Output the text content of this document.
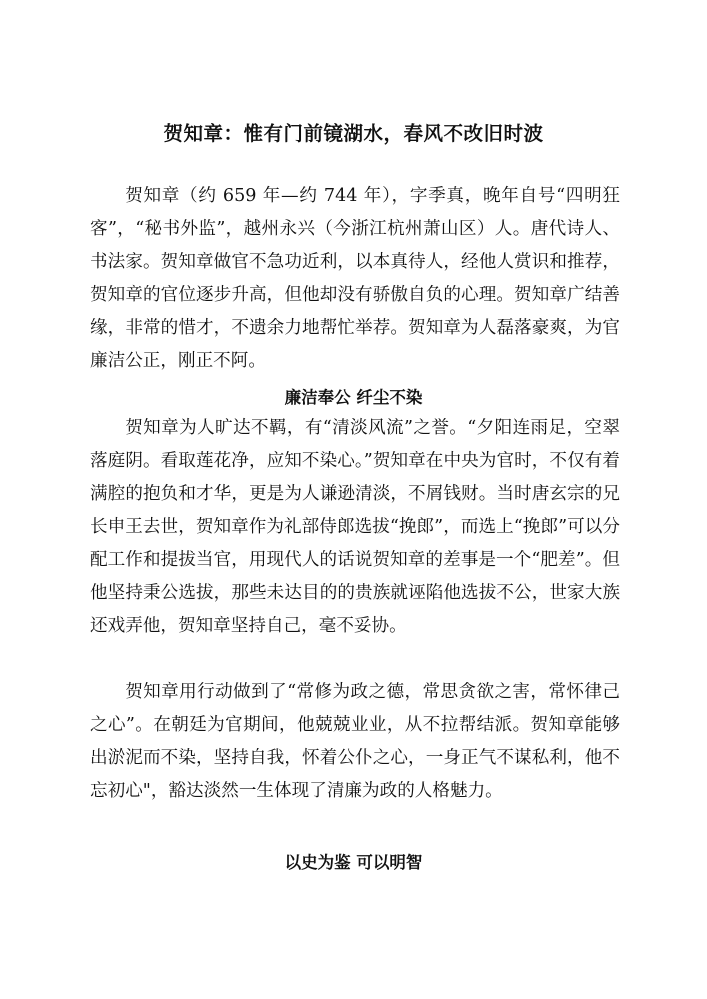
贺知章：惟有门前镜湖水，春风不改旧时波

贺知章（约 659 年—约 744 年），字季真，晚年自号“四明狂客”，“秘书外监”，越州永兴（今浙江杭州萧山区）人。唐代诗人、书法家。贺知章做官不急功近利，以本真待人，经他人赏识和推荐，贺知章的官位逐步升高，但他却没有骄傲自负的心理。贺知章广结善缘，非常的惜才，不遗余力地帮忙举荐。贺知章为人磊落豪爽，为官廉洁公正，刚正不阿。

廉洁奉公 纤尘不染

贺知章为人旷达不羁，有“清淡风流”之誉。“夕阳连雨足，空翠落庭阴。看取莲花净，应知不染心。”贺知章在中央为官时，不仅有着满腔的抱负和才华，更是为人谦逊清淡，不屑钱财。当时唐玄宗的兄长申王去世，贺知章作为礼部侍郎选拔“挽郎”，而选上“挽郎”可以分配工作和提拔当官，用现代人的话说贺知章的差事是一个“肥差”。但他坚持秉公选拔，那些未达目的的贵族就诬陷他选拔不公，世家大族还戏弄他，贺知章坚持自己，毫不妥协。

贺知章用行动做到了“常修为政之德，常思贪欲之害，常怀律己之心”。在朝廷为官期间，他兢兢业业，从不拉帮结派。贺知章能够出淤泥而不染，坚持自我，怀着公仆之心，一身正气不谋私利，他不忘初心"，豁达淡然一生体现了清廉为政的人格魅力。

以史为鉴 可以明智
